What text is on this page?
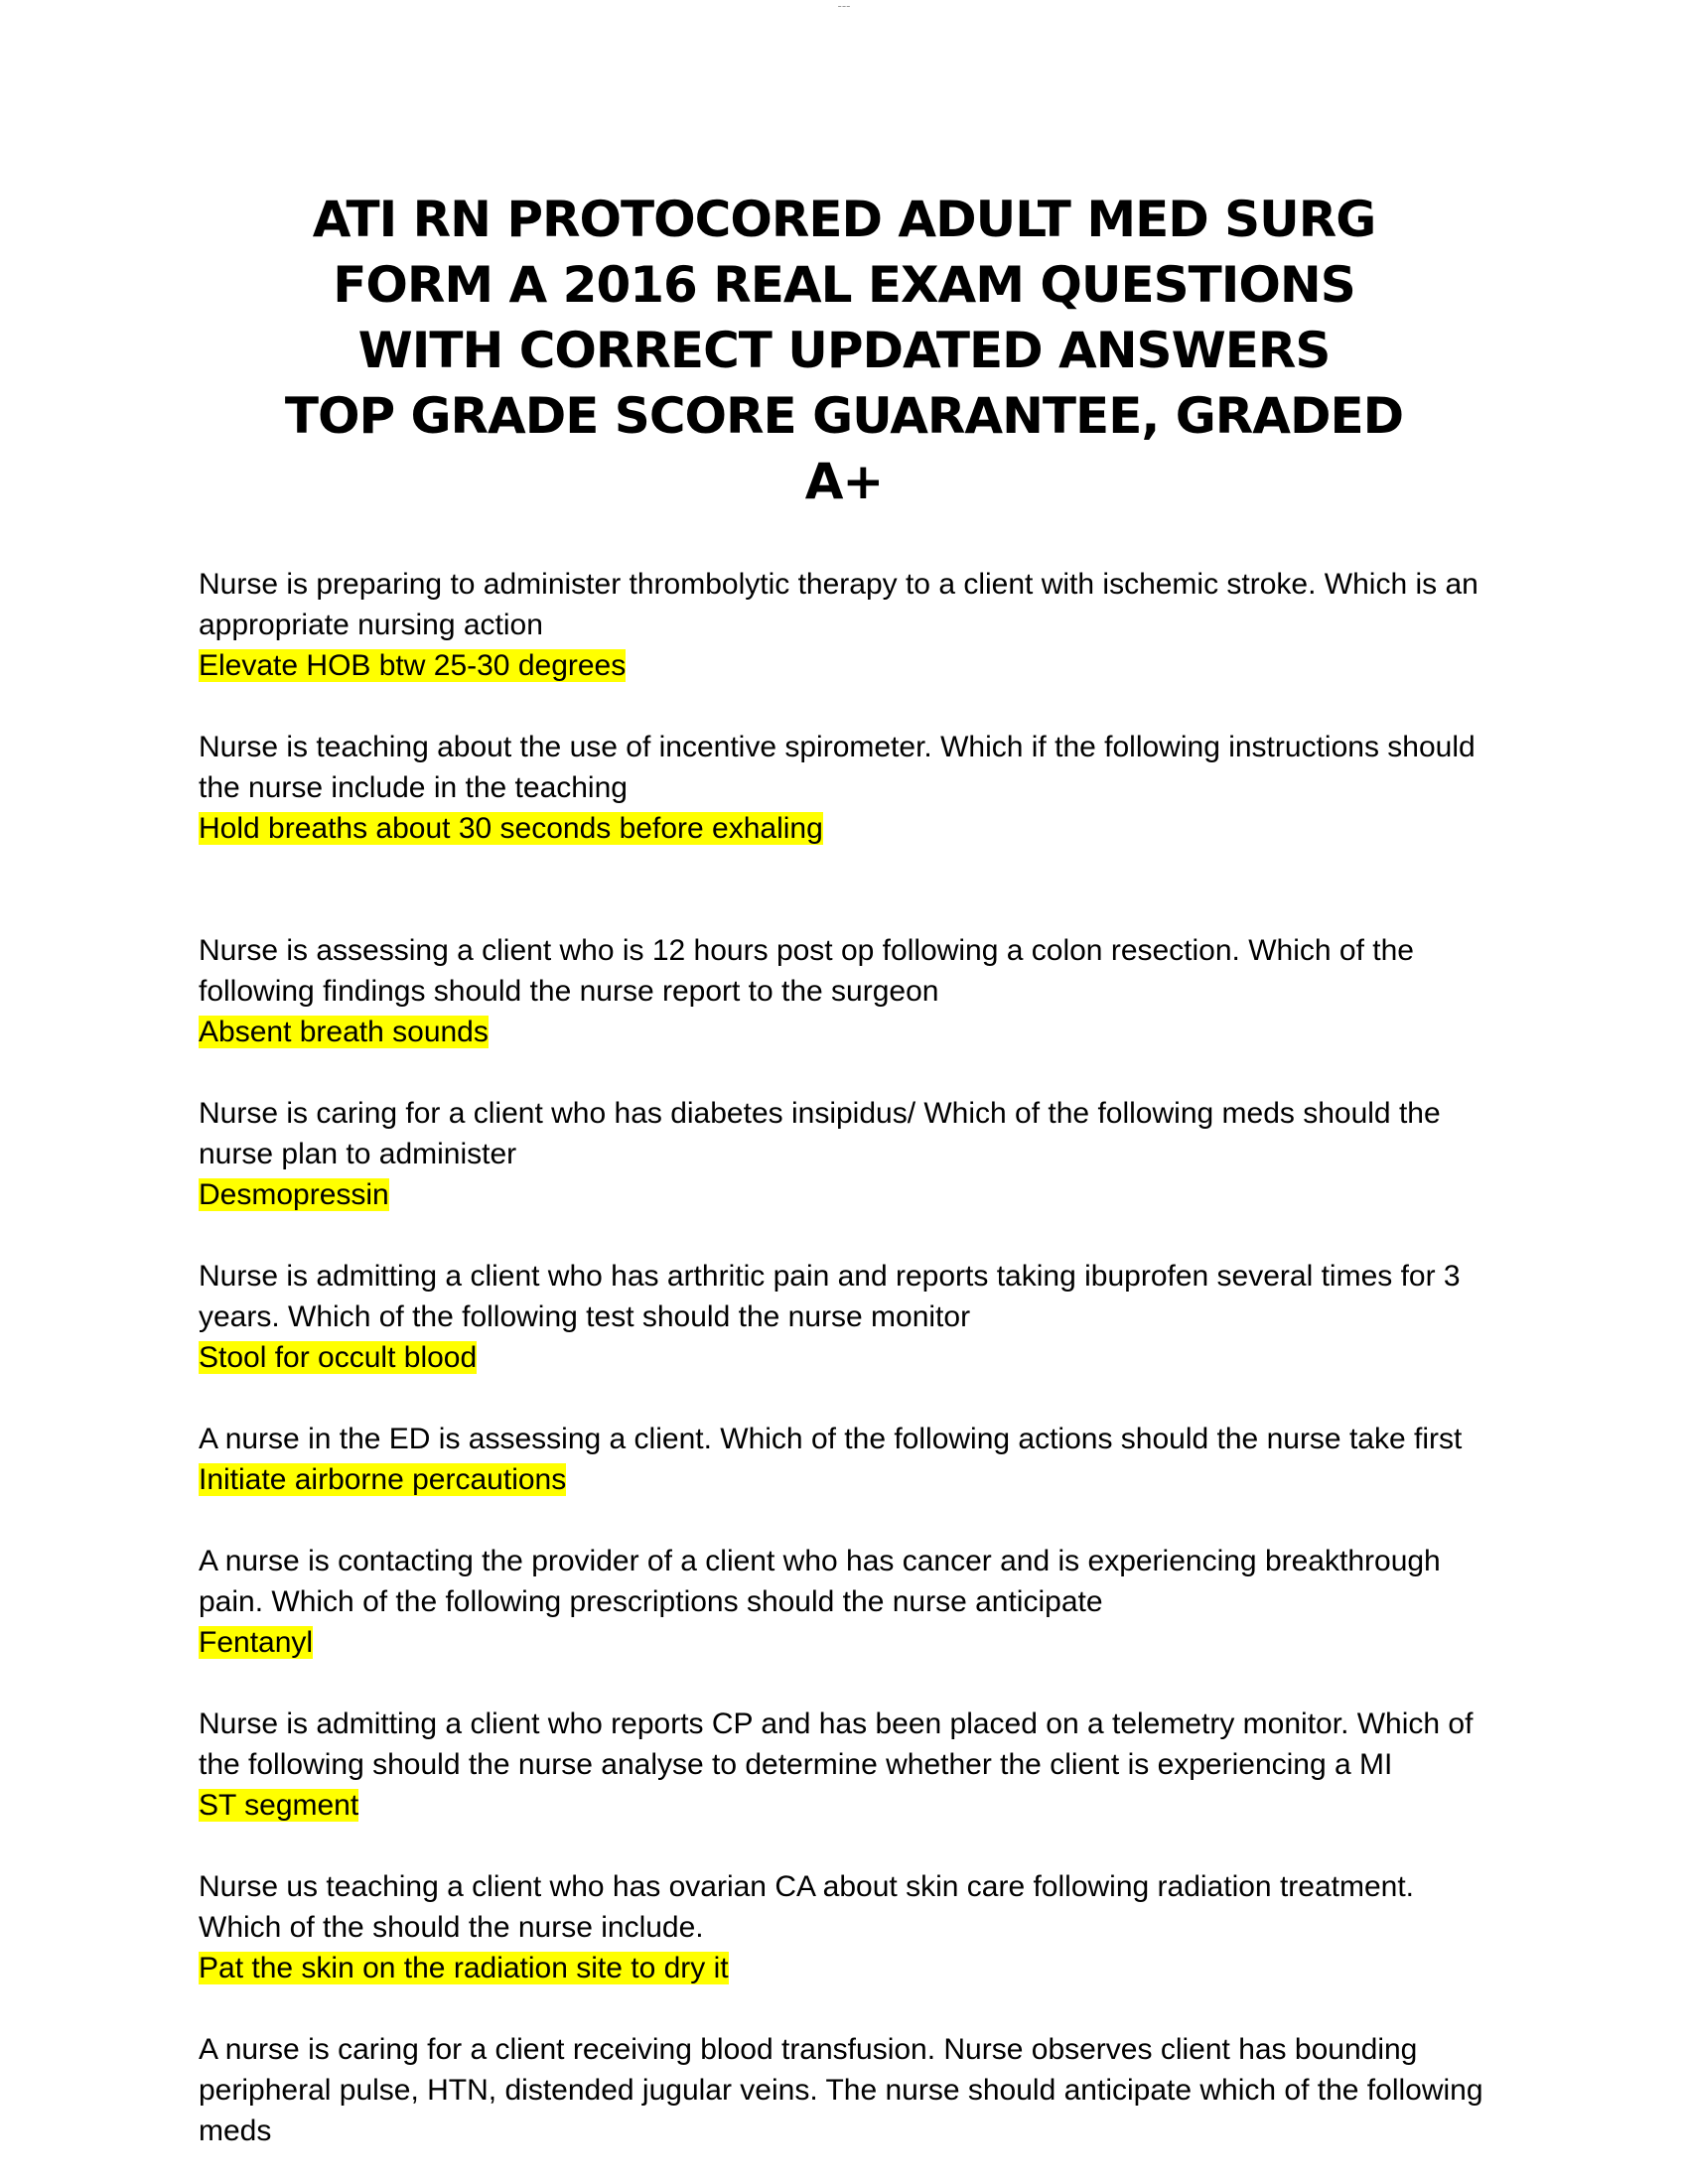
---
ATI RN PROTOCORED ADULT MED SURG
FORM A 2016 REAL EXAM QUESTIONS
WITH CORRECT UPDATED ANSWERS
TOP GRADE SCORE GUARANTEE, GRADED
A+

Nurse is preparing to administer thrombolytic therapy to a client with ischemic stroke. Which is an appropriate nursing action

Elevate HOB btw 25-30 degrees

Nurse is teaching about the use of incentive spirometer. Which if the following instructions should the nurse include in the teaching

Hold breaths about 30 seconds before exhaling

Nurse is assessing a client who is 12 hours post op following a colon resection. Which of the following findings should the nurse report to the surgeon

Absent breath sounds

Nurse is caring for a client who has diabetes insipidus/ Which of the following meds should the nurse plan to administer

Desmopressin

Nurse is admitting a client who has arthritic pain and reports taking ibuprofen several times for 3 years. Which of the following test should the nurse monitor

Stool for occult blood

A nurse in the ED is assessing a client. Which of the following actions should the nurse take first

Initiate airborne percautions

A nurse is contacting the provider of a client who has cancer and is experiencing breakthrough pain. Which of the following prescriptions should the nurse anticipate

Fentanyl

Nurse is admitting a client who reports CP and has been placed on a telemetry monitor. Which of the following should the nurse analyse to determine whether the client is experiencing a MI

ST segment

Nurse us teaching a client who has ovarian CA about skin care following radiation treatment. Which of the should the nurse include.

Pat the skin on the radiation site to dry it

A nurse is caring for a client receiving blood transfusion. Nurse observes client has bounding peripheral pulse, HTN, distended jugular veins. The nurse should anticipate which of the following meds
